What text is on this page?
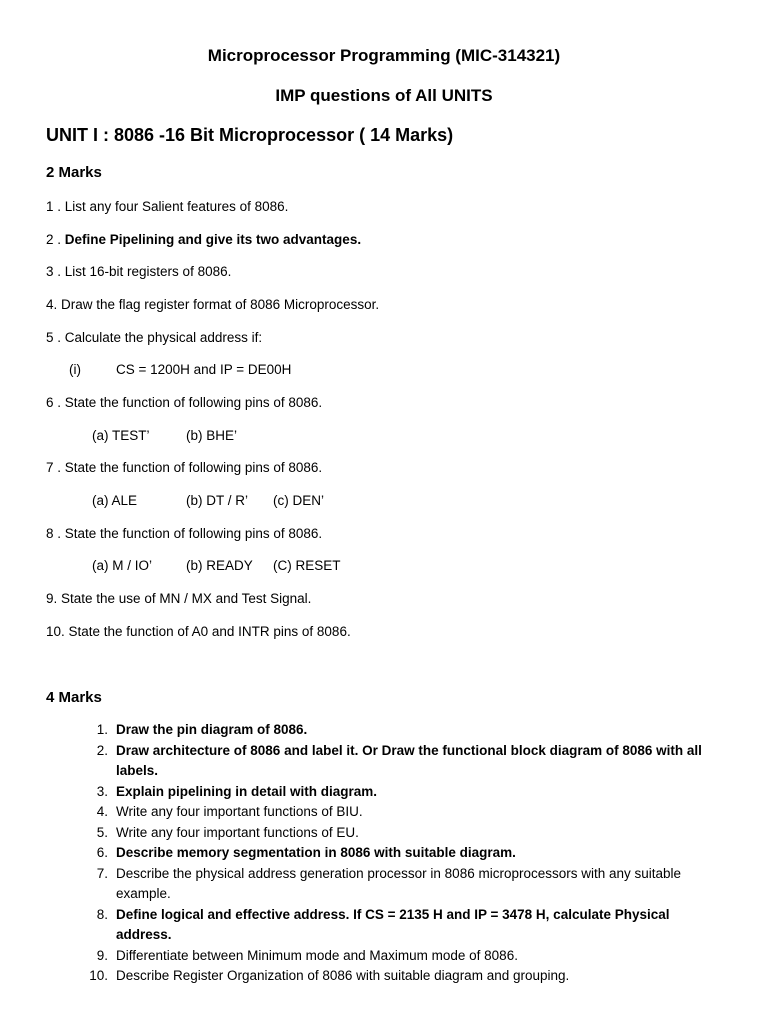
Microprocessor Programming (MIC-314321)
IMP questions of All UNITS
UNIT I : 8086 -16 Bit Microprocessor ( 14 Marks)
2 Marks
1 . List any four Salient features of 8086.
2 . Define Pipelining and give its two advantages.
3 . List 16-bit registers of 8086.
4. Draw the flag register format of 8086 Microprocessor.
5 . Calculate the physical address if:
(i)	CS = 1200H and IP = DE00H
6 . State the function of following pins of 8086.
(a) TEST’	(b) BHE’
7 . State the function of following pins of 8086.
(a) ALE	(b) DT / R’ (c) DEN’
8 . State the function of following pins of 8086.
(a) M / IO’	(b) READY (C) RESET
9. State the use of MN / MX and Test Signal.
10. State the function of A0 and INTR pins of 8086.
4 Marks
1. Draw the pin diagram of 8086.
2. Draw architecture of 8086 and label it. Or Draw the functional block diagram of 8086 with all labels.
3. Explain pipelining in detail with diagram.
4. Write any four important functions of BIU.
5. Write any four important functions of EU.
6. Describe memory segmentation in 8086 with suitable diagram.
7. Describe the physical address generation processor in 8086 microprocessors with any suitable example.
8. Define logical and effective address. If CS = 2135 H and IP = 3478 H, calculate Physical address.
9. Differentiate between Minimum mode and Maximum mode of 8086.
10. Describe Register Organization of 8086 with suitable diagram and grouping.
